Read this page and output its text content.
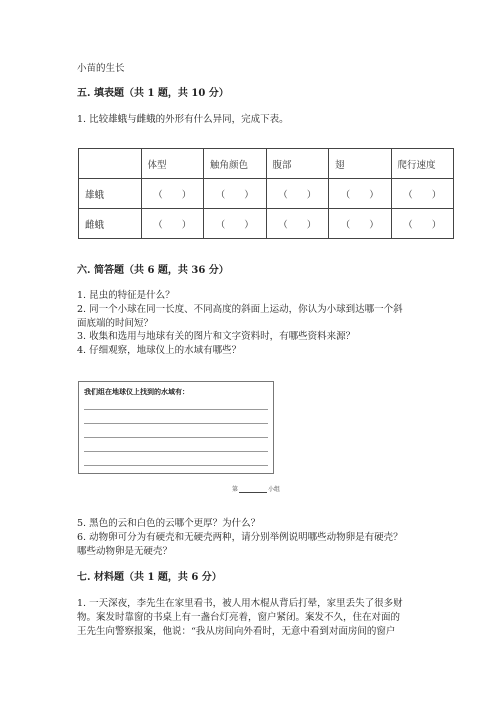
小苗的生长
五. 填表题（共 1 题，共 10 分）
1. 比较雄蛾与雌蛾的外形有什么异同，完成下表。
	体型	触角颜色	腹部	翅	爬行速度
雄蛾	（　　）	（　　）	（　　）	（　　）	（　　）
雌蛾	（　　）	（　　）	（　　）	（　　）	（　　）
六. 简答题（共 6 题，共 36 分）
1. 昆虫的特征是什么？
2. 同一个小球在同一长度、不同高度的斜面上运动，你认为小球到达哪一个斜
面底端的时间短？
3. 收集和选用与地球有关的图片和文字资料时，有哪些资料来源？
4. 仔细观察，地球仪上的水域有哪些？
我们组在地球仪上找到的水域有：
第	小组
5. 黑色的云和白色的云哪个更厚？为什么？
6. 动物卵可分为有硬壳和无硬壳两种，请分别举例说明哪些动物卵是有硬壳？
哪些动物卵是无硬壳？
七. 材料题（共 1 题，共 6 分）
1. 一天深夜，李先生在家里看书，被人用木棍从背后打晕，家里丢失了很多财
物。案发时靠窗的书桌上有一盏台灯亮着，窗户紧闭。案发不久，住在对面的
王先生向警察报案，他说：“我从房间向外看时，无意中看到对面房间的窗户
